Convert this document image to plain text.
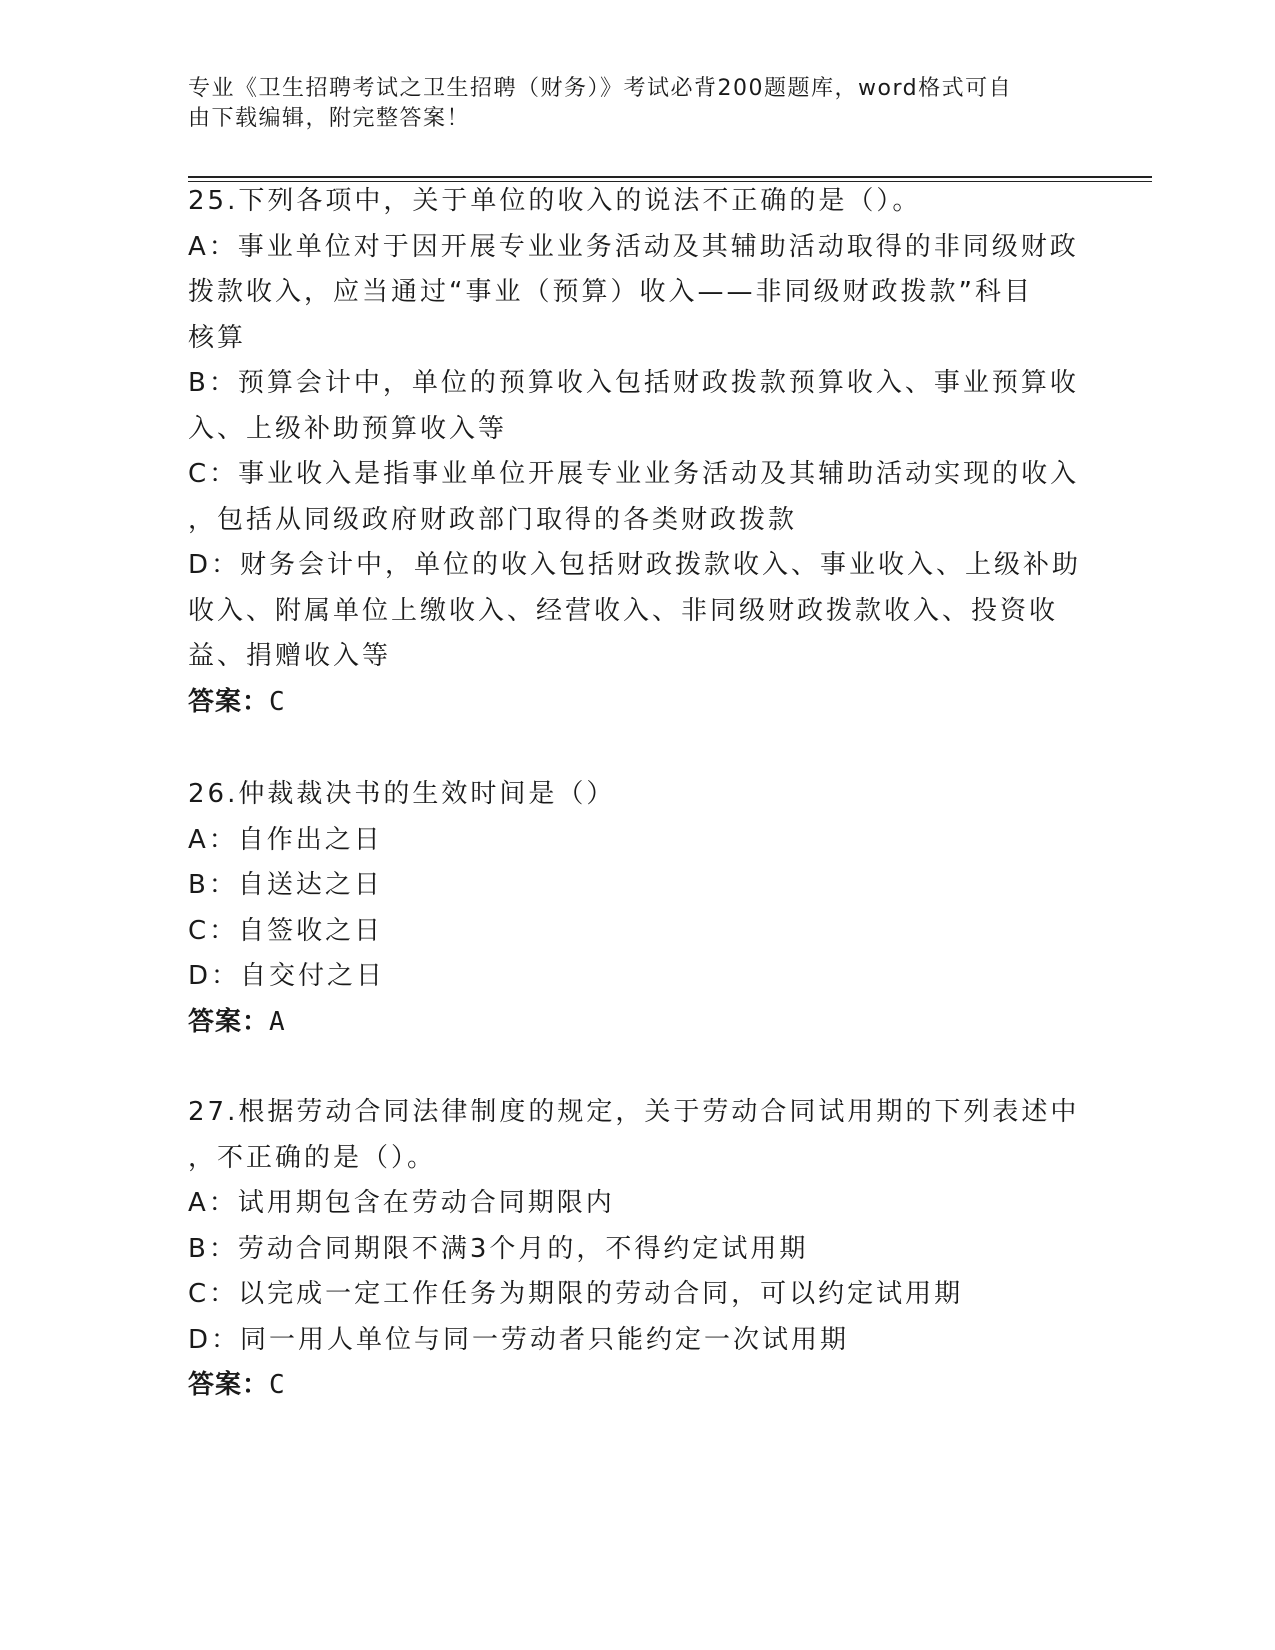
专业《卫生招聘考试之卫生招聘（财务）》考试必背200题题库，word格式可自
由下载编辑，附完整答案！
25.下列各项中，关于单位的收入的说法不正确的是（）。
A：事业单位对于因开展专业业务活动及其辅助活动取得的非同级财政
拨款收入，应当通过“事业（预算）收入——非同级财政拨款”科目
核算
B：预算会计中，单位的预算收入包括财政拨款预算收入、事业预算收
入、上级补助预算收入等
C：事业收入是指事业单位开展专业业务活动及其辅助活动实现的收入
，包括从同级政府财政部门取得的各类财政拨款
D：财务会计中，单位的收入包括财政拨款收入、事业收入、上级补助
收入、附属单位上缴收入、经营收入、非同级财政拨款收入、投资收
益、捐赠收入等
答案：C
26.仲裁裁决书的生效时间是（）
A：自作出之日
B：自送达之日
C：自签收之日
D：自交付之日
答案：A
27.根据劳动合同法律制度的规定，关于劳动合同试用期的下列表述中
，不正确的是（）。
A：试用期包含在劳动合同期限内
B：劳动合同期限不满3个月的，不得约定试用期
C：以完成一定工作任务为期限的劳动合同，可以约定试用期
D：同一用人单位与同一劳动者只能约定一次试用期
答案：C
